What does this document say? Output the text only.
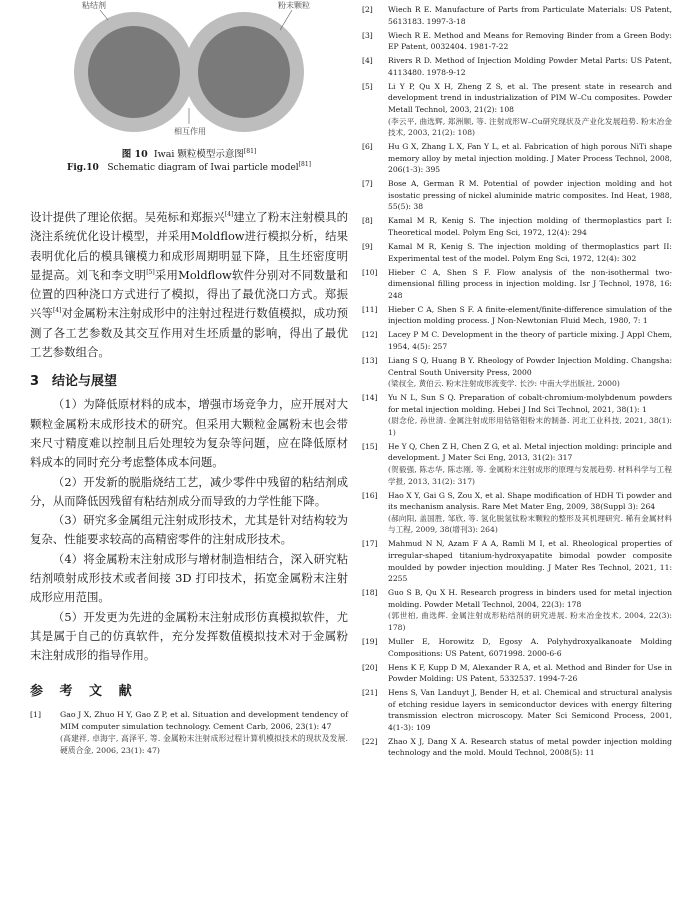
粘结剂	粉末颗粒
相互作用
图 10 Iwai 颗粒模型示意图[81]
Fig.10 Schematic diagram of Iwai particle model[81]

设计提供了理论依据。吴苑标和郑振兴[4]建立了粉末注射模具的浇注系统优化设计模型，并采用Moldflow进行模拟分析，结果表明优化后的模具镶模力和成形周期明显下降，且生坯密度明显提高。刘飞和李文明[5]采用Moldflow软件分别对不同数量和位置的四种浇口方式进行了模拟，得出了最优浇口方式。郑振兴等[4]对金属粉末注射成形中的注射过程进行数值模拟，成功预测了各工艺参数及其交互作用对生坯质量的影响，得出了最优工艺参数组合。

3　结论与展望

（1）为降低原材料的成本，增强市场竞争力，应开展对大颗粒金属粉末成形技术的研究。但采用大颗粒金属粉末也会带来尺寸精度难以控制且后处理较为复杂等问题，应在降低原材料成本的同时充分考虑整体成本问题。

（2）开发新的脱脂烧结工艺，减少零件中残留的粘结剂成分，从而降低因残留有粘结剂成分而导致的力学性能下降。

（3）研究多金属组元注射成形技术，尤其是针对结构较为复杂、性能要求较高的高精密零件的注射成形技术。

（4）将金属粉末注射成形与增材制造相结合，深入研究粘结剂喷射成形技术或者间接 3D 打印技术，拓宽金属粉末注射成形应用范围。

（5）开发更为先进的金属粉末注射成形仿真模拟软件，尤其是属于自己的仿真软件，充分发挥数值模拟技术对于金属粉末注射成形的指导作用。

参 考 文 献
[1]	Gao J X, Zhuo H Y, Gao Z P, et al. Situation and development tendency of MIM computer simulation technology. Cement Carb, 2006, 23(1): 47
(高建祥, 卓海宇, 高泽平, 等. 金属粉末注射成形过程计算机模拟技术的现状及发展. 硬质合金, 2006, 23(1): 47)
[2]	Wiech R E. Manufacture of Parts from Particulate Materials: US Patent, 5613183. 1997-3-18
[3]	Wiech R E. Method and Means for Removing Binder from a Green Body: EP Patent, 0032404. 1981-7-22
[4]	Rivers R D. Method of Injection Molding Powder Metal Parts: US Patent, 4113480. 1978-9-12
[5]	Li Y P, Qu X H, Zheng Z S, et al. The present state in research and development trend in industrialization of PIM W–Cu composites. Powder Metall Technol, 2003, 21(2): 108
(李云平, 曲选辉, 郑洲顺, 等. 注射成形W–Cu研究现状及产业化发展趋势. 粉末冶金技术, 2003, 21(2): 108)
[6]	Hu G X, Zhang L X, Fan Y L, et al. Fabrication of high porous NiTi shape memory alloy by metal injection molding. J Mater Process Technol, 2008, 206(1-3): 395
[7]	Bose A, German R M. Potential of powder injection molding and hot isostatic pressing of nickel aluminide matric composites. Ind Heat, 1988, 55(5): 38
[8]	Kamal M R, Kenig S. The injection molding of thermoplastics part I: Theoretical model. Polym Eng Sci, 1972, 12(4): 294
[9]	Kamal M R, Kenig S. The injection molding of thermoplastics part II: Experimental test of the model. Polym Eng Sci, 1972, 12(4): 302
[10]	Hieber C A, Shen S F. Flow analysis of the non-isothermal two-dimensional filling process in injection molding. Isr J Technol, 1978, 16: 248
[11]	Hieber C A, Shen S F. A finite-element/finite-difference simulation of the injection molding process. J Non-Newtonian Fluid Mech, 1980, 7: 1
[12]	Lacey P M C. Development in the theory of particle mixing. J Appl Chem, 1954, 4(5): 257
[13]	Liang S Q, Huang B Y. Rheology of Powder Injection Molding. Changsha: Central South University Press, 2000
(梁叔全, 黄伯云. 粉末注射成形流变学. 长沙: 中南大学出版社, 2000)
[14]	Yu N L, Sun S Q. Preparation of cobalt-chromium-molybdenum powders for metal injection molding. Hebei J Ind Sci Technol, 2021, 38(1): 1
(尉念伦, 孙世清. 金属注射成形用钴铬钼粉末的制备. 河北工业科技, 2021, 38(1): 1)
[15]	He Y Q, Chen Z H, Chen Z G, et al. Metal injection molding: principle and development. J Mater Sci Eng, 2013, 31(2): 317
(贺毅强, 陈志华, 陈志刚, 等. 金属粉末注射成形的原理与发展趋势. 材料科学与工程学报, 2013, 31(2): 317)
[16]	Hao X Y, Gai G S, Zou X, et al. Shape modification of HDH Ti powder and its mechanism analysis. Rare Met Mater Eng, 2009, 38(Suppl 3): 264
(郝向阳, 盖国胜, 邹欣, 等. 氢化脱氢钛粉末颗粒的整形及其机理研究. 稀有金属材料与工程, 2009, 38(增刊3): 264)
[17]	Mahmud N N, Azam F A A, Ramli M I, et al. Rheological properties of irregular-shaped titanium-hydroxyapatite bimodal powder composite moulded by powder injection moulding. J Mater Res Technol, 2021, 11: 2255
[18]	Guo S B, Qu X H. Research progress in binders used for metal injection molding. Powder Metall Technol, 2004, 22(3): 178
(郭世柏, 曲选辉. 金属注射成形粘结剂的研究进展. 粉末冶金技术, 2004, 22(3): 178)
[19]	Muller E, Horowitz D, Egosy A. Polyhydroxyalkanoate Molding Compositions: US Patent, 6071998. 2000-6-6
[20]	Hens K F, Kupp D M, Alexander R A, et al. Method and Binder for Use in Powder Molding: US Patent, 5332537. 1994-7-26
[21]	Hens S, Van Landuyt J, Bender H, et al. Chemical and structural analysis of etching residue layers in semiconductor devices with energy filtering transmission electron microscopy. Mater Sci Semicond Process, 2001, 4(1-3): 109
[22]	Zhao X J, Dang X A. Research status of metal powder injection molding technology and the mold. Mould Technol, 2008(5): 11
